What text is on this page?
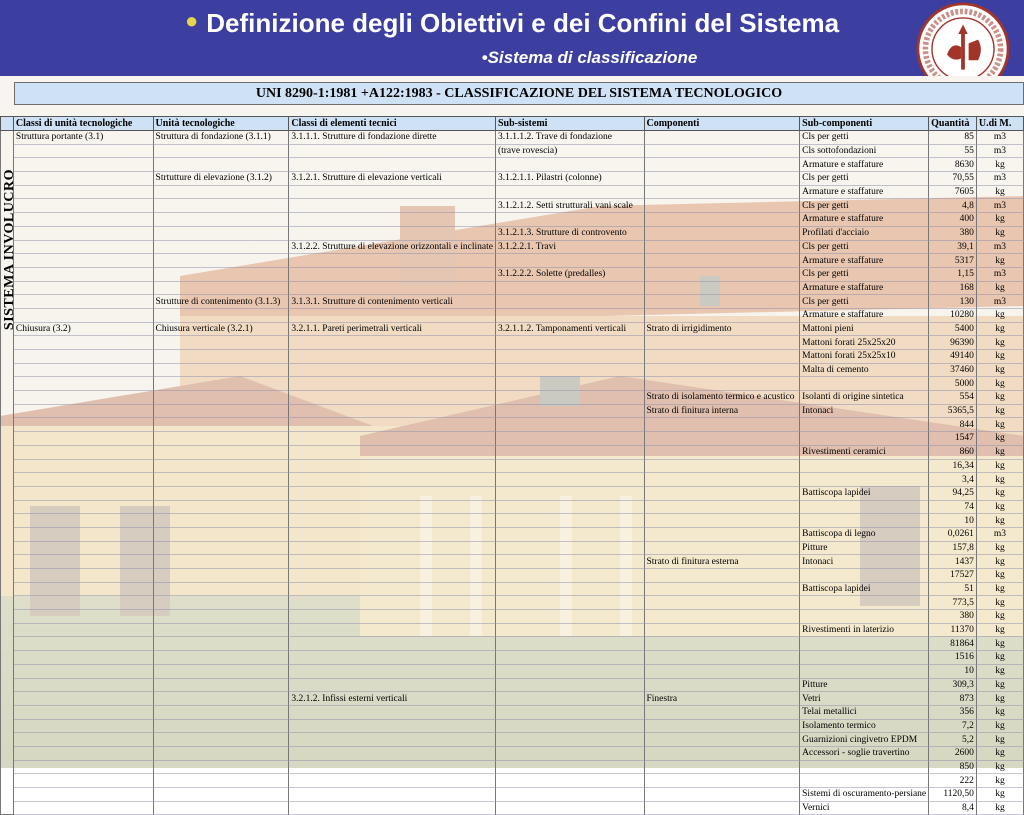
● Definizione degli Obiettivi e dei Confini del Sistema
•Sistema di classificazione
UNI 8290-1:1981 +A122:1983 - CLASSIFICAZIONE DEL SISTEMA TECNOLOGICO
	Classi di unità tecnologiche	Unità tecnologiche	Classi di elementi tecnici	Sub-sistemi	Componenti	Sub-componenti	Quantità	U.di M.

SISTEMA INVOLUCRO	Struttura portante (3.1)	Struttura di fondazione (3.1.1)	3.1.1.1. Strutture di fondazione dirette	3.1.1.1.2. Trave di fondazione		Cls per getti	85	m3
				(trave rovescia)		Cls sottofondazioni	55	m3
						Armature e staffature	8630	kg
		Strtutture di elevazione (3.1.2)	3.1.2.1. Strutture di elevazione verticali	3.1.2.1.1. Pilastri (colonne)		Cls per getti	70,55	m3
						Armature e staffature	7605	kg
				3.1.2.1.2. Setti strutturali vani scale		Cls per getti	4,8	m3
						Armature e staffature	400	kg
				3.1.2.1.3. Strutture di controvento		Profilati d'acciaio	380	kg
			3.1.2.2. Strutture di elevazione orizzontali e inclinate	3.1.2.2.1. Travi		Cls per getti	39,1	m3
						Armature e staffature	5317	kg
				3.1.2.2.2. Solette (predalles)		Cls per getti	1,15	m3
						Armature e staffature	168	kg
		Strutture di contenimento (3.1.3)	3.1.3.1. Strutture di contenimento verticali			Cls per getti	130	m3
						Armature e staffature	10280	kg
	Chiusura (3.2)	Chiusura verticale (3.2.1)	3.2.1.1. Pareti perimetrali verticali	3.2.1.1.2. Tamponamenti verticali	Strato di irrigidimento	Mattoni pieni	5400	kg
						Mattoni forati 25x25x20	96390	kg
						Mattoni forati 25x25x10	49140	kg
						Malta di cemento	37460	kg
							5000	kg
					Strato di isolamento termico e acustico	Isolanti di origine sintetica	554	kg
					Strato di finitura interna	Intonaci	5365,5	kg
							844	kg
							1547	kg
						Rivestimenti ceramici	860	kg
							16,34	kg
							3,4	kg
						Battiscopa lapidei	94,25	kg
							74	kg
							10	kg
						Battiscopa di legno	0,0261	m3
						Pitture	157,8	kg
					Strato di finitura esterna	Intonaci	1437	kg
							17527	kg
						Battiscopa lapidei	51	kg
							773,5	kg
							380	kg
						Rivestimenti in laterizio	11370	kg
							81864	kg
							1516	kg
							10	kg
						Pitture	309,3	kg
			3.2.1.2. Infissi esterni verticali		Finestra	Vetri	873	kg
						Telai metallici	356	kg
						Isolamento termico	7,2	kg
						Guarnizioni cingivetro EPDM	5,2	kg
						Accessori - soglie travertino	2600	kg
							850	kg
							222	kg
						Sistemi di oscuramento-persiane	1120,50	kg
						Vernici	8,4	kg
